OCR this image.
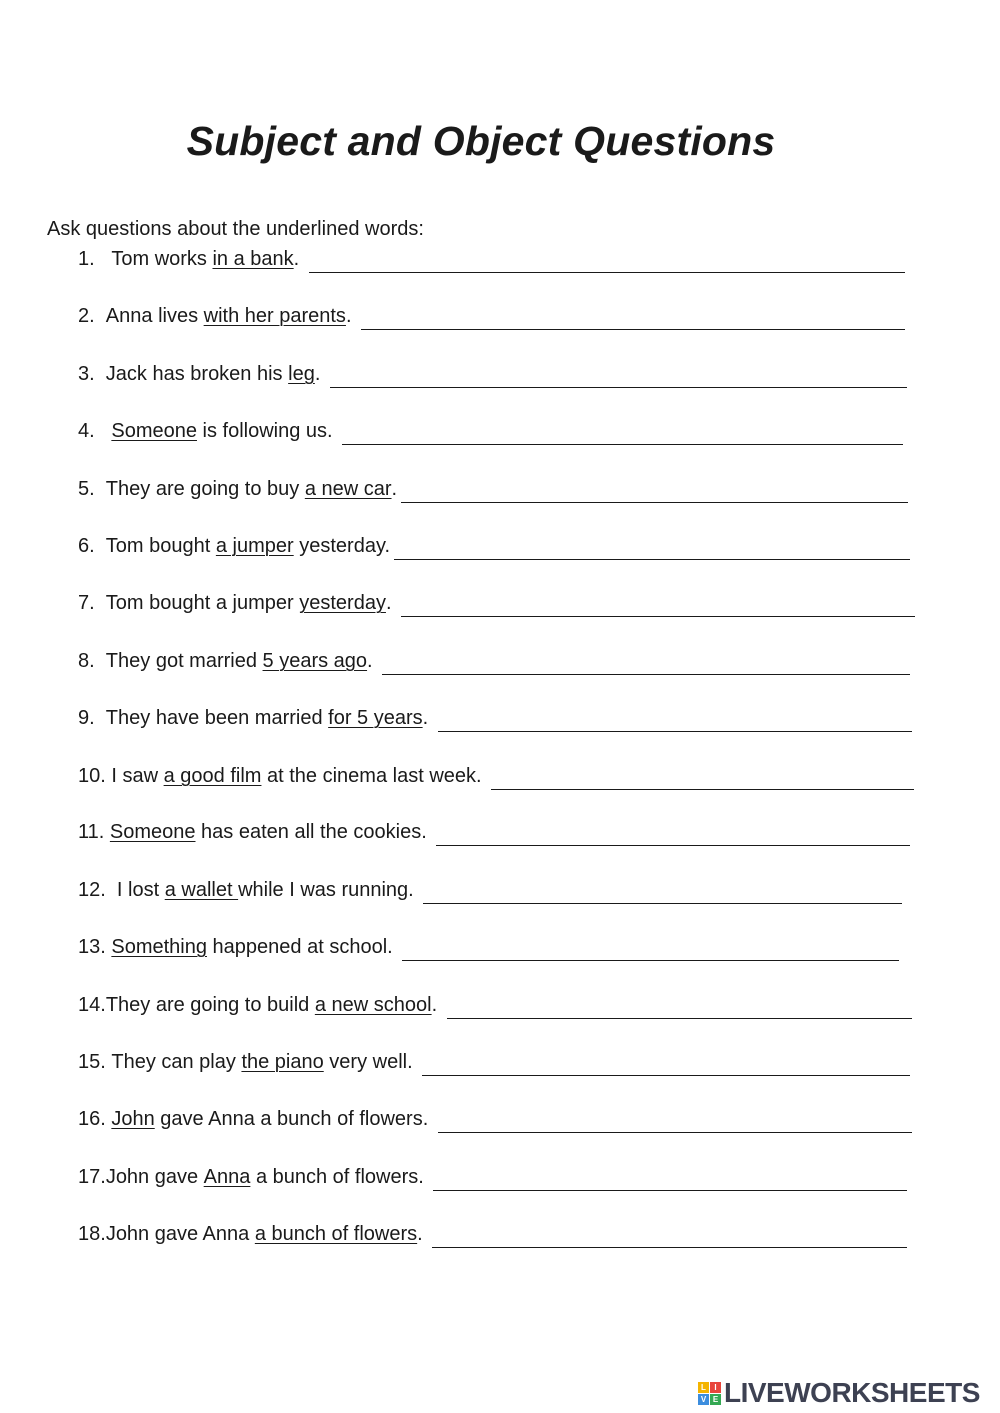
Subject and Object Questions
Ask questions about the underlined words:
1. Tom works in a bank .
2. Anna lives with her parents .
3. Jack has broken his leg .
4. Someone is following us.
5. They are going to buy a new car .
6. Tom bought a jumper yesterday.
7. Tom bought a jumper yesterday .
8. They got married 5 years ago .
9. They have been married for 5 years .
10. I saw a good film at the cinema last week.
11. Someone has eaten all the cookies.
12. I lost a wallet while I was running.
13. Something happened at school.
14. They are going to build a new school .
15. They can play the piano very well.
16. John gave Anna a bunch of flowers.
17. John gave Anna a bunch of flowers.
18. John gave Anna a bunch of flowers .
L	I
V E LIVEWORKSHEETS
